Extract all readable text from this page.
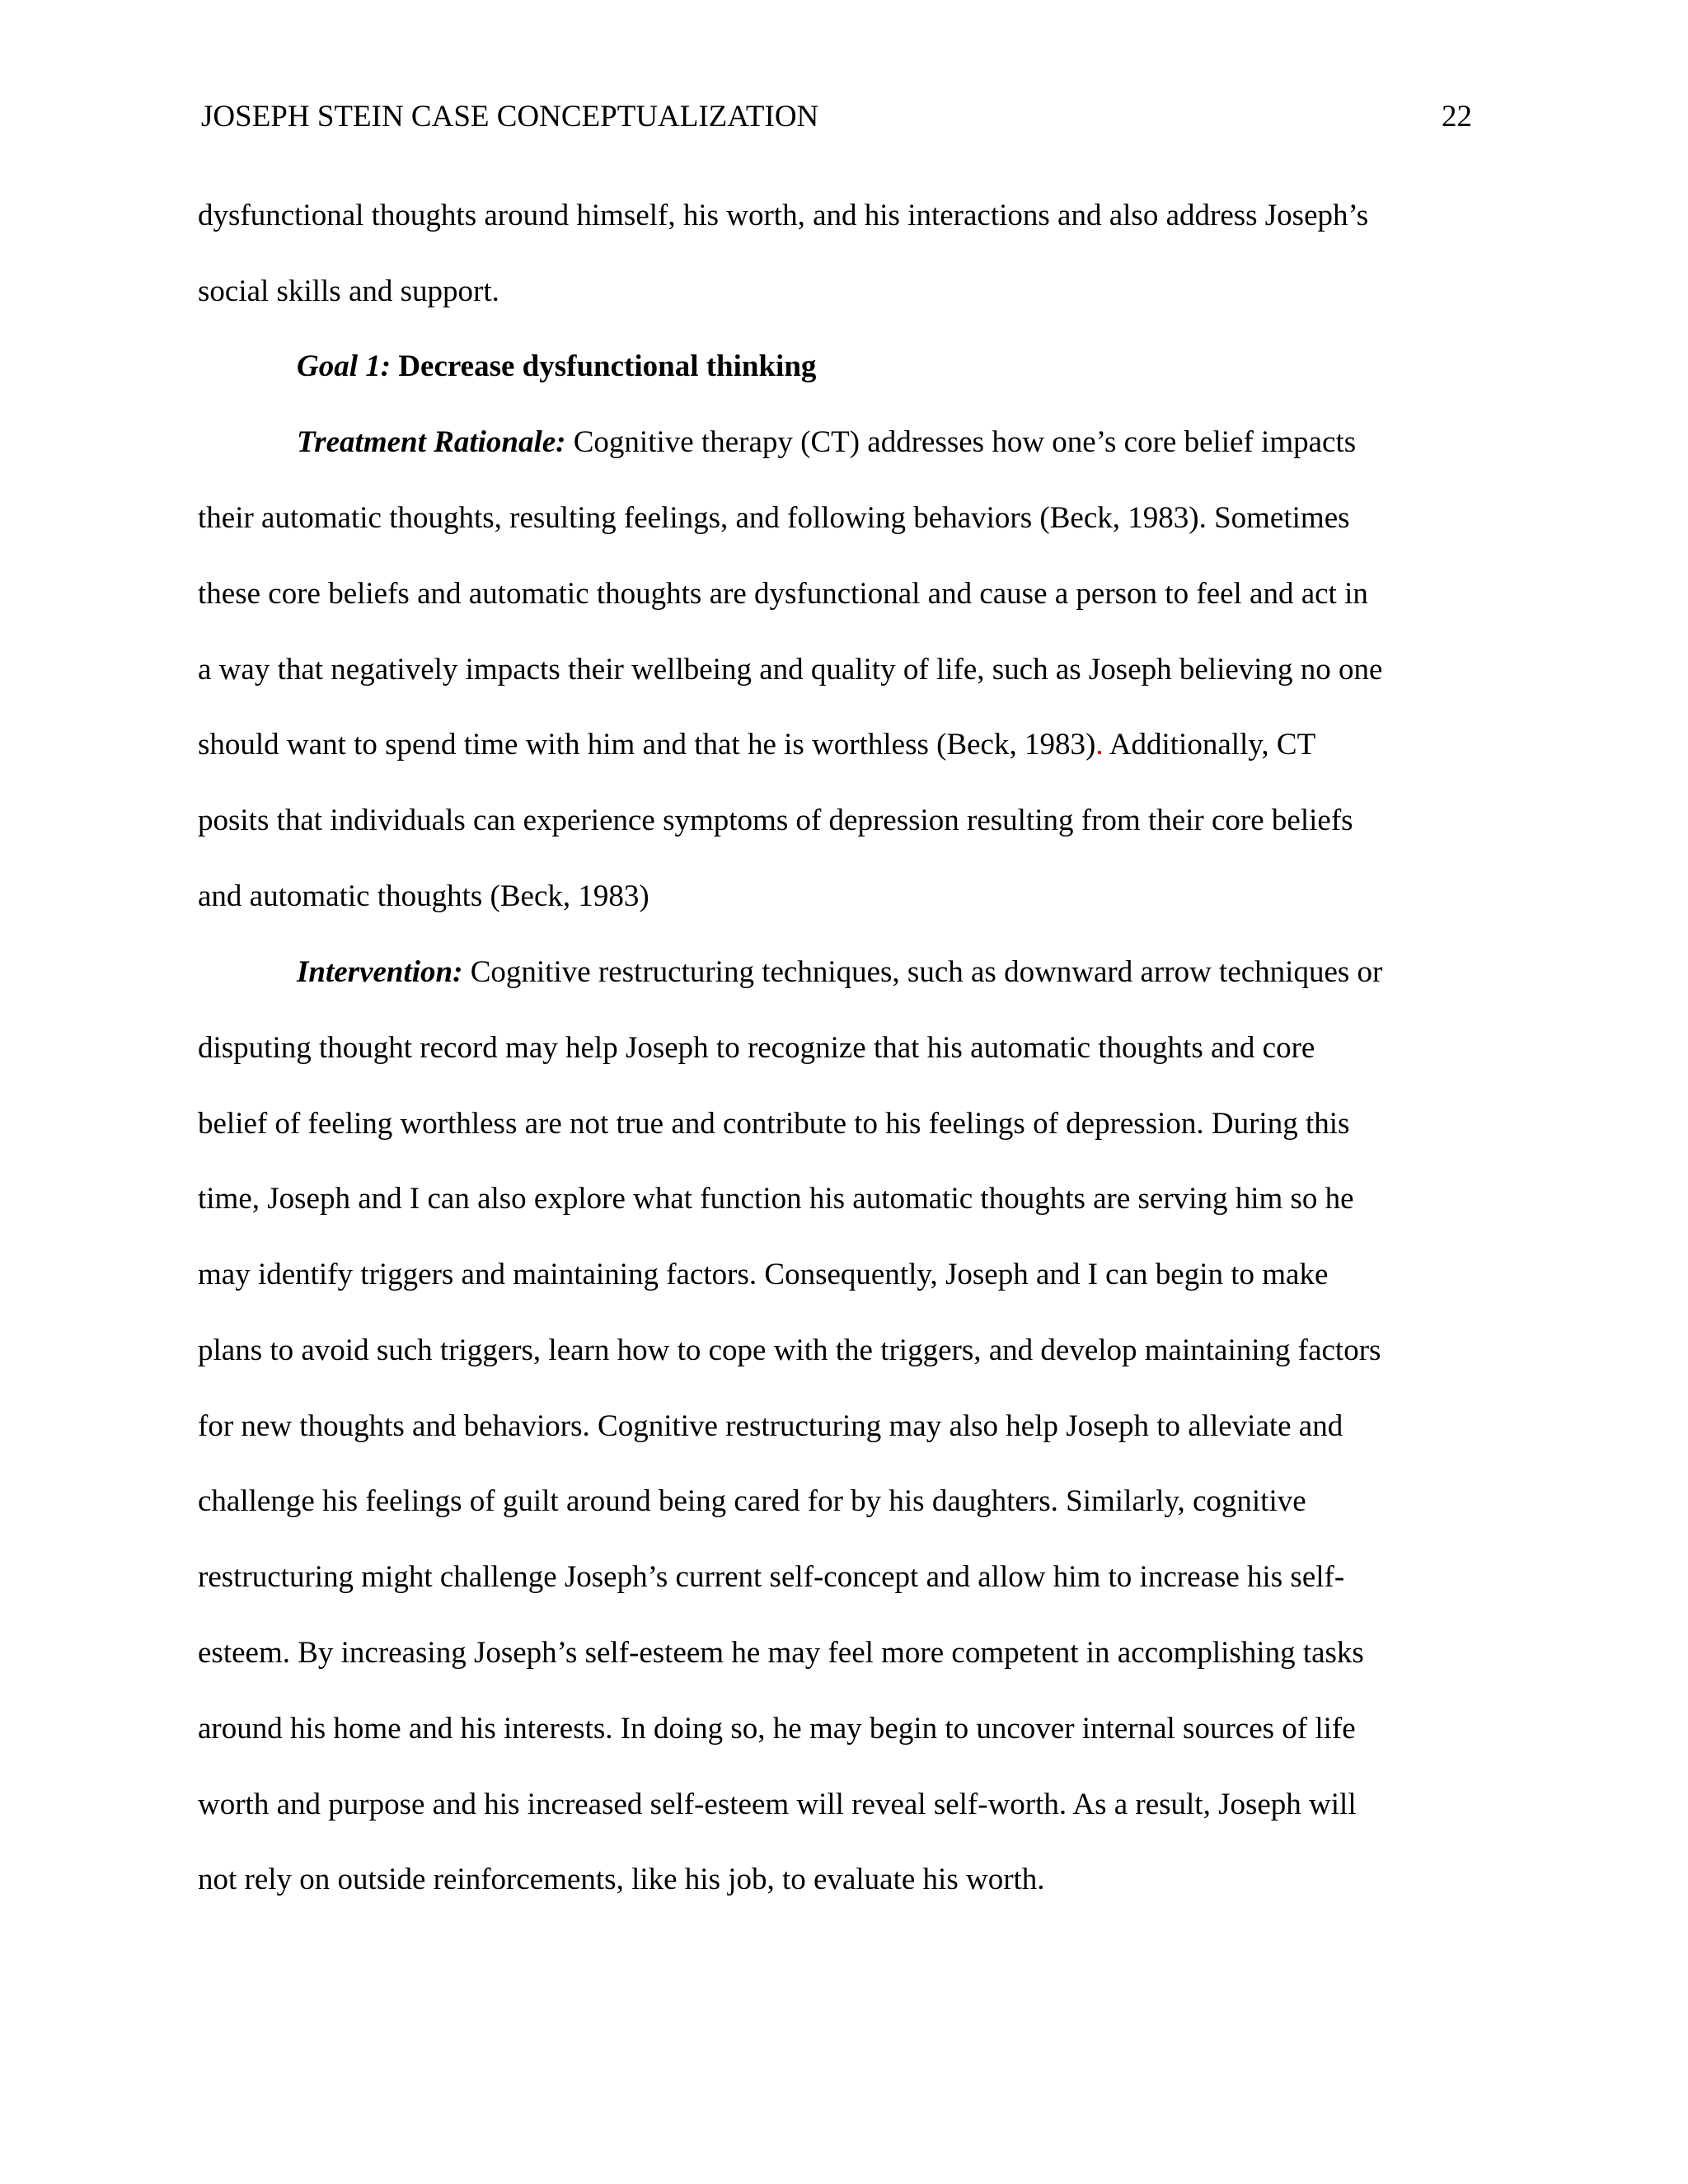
JOSEPH STEIN CASE CONCEPTUALIZATION	22
dysfunctional thoughts around himself, his worth, and his interactions and also address Joseph’s
social skills and support.
Goal 1: Decrease dysfunctional thinking
Treatment Rationale: Cognitive therapy (CT) addresses how one’s core belief impacts
their automatic thoughts, resulting feelings, and following behaviors (Beck, 1983). Sometimes
these core beliefs and automatic thoughts are dysfunctional and cause a person to feel and act in
a way that negatively impacts their wellbeing and quality of life, such as Joseph believing no one
should want to spend time with him and that he is worthless (Beck, 1983). Additionally, CT
posits that individuals can experience symptoms of depression resulting from their core beliefs
and automatic thoughts (Beck, 1983)
Intervention: Cognitive restructuring techniques, such as downward arrow techniques or
disputing thought record may help Joseph to recognize that his automatic thoughts and core
belief of feeling worthless are not true and contribute to his feelings of depression. During this
time, Joseph and I can also explore what function his automatic thoughts are serving him so he
may identify triggers and maintaining factors. Consequently, Joseph and I can begin to make
plans to avoid such triggers, learn how to cope with the triggers, and develop maintaining factors
for new thoughts and behaviors. Cognitive restructuring may also help Joseph to alleviate and
challenge his feelings of guilt around being cared for by his daughters. Similarly, cognitive
restructuring might challenge Joseph’s current self-concept and allow him to increase his self-
esteem. By increasing Joseph’s self-esteem he may feel more competent in accomplishing tasks
around his home and his interests. In doing so, he may begin to uncover internal sources of life
worth and purpose and his increased self-esteem will reveal self-worth. As a result, Joseph will
not rely on outside reinforcements, like his job, to evaluate his worth.
